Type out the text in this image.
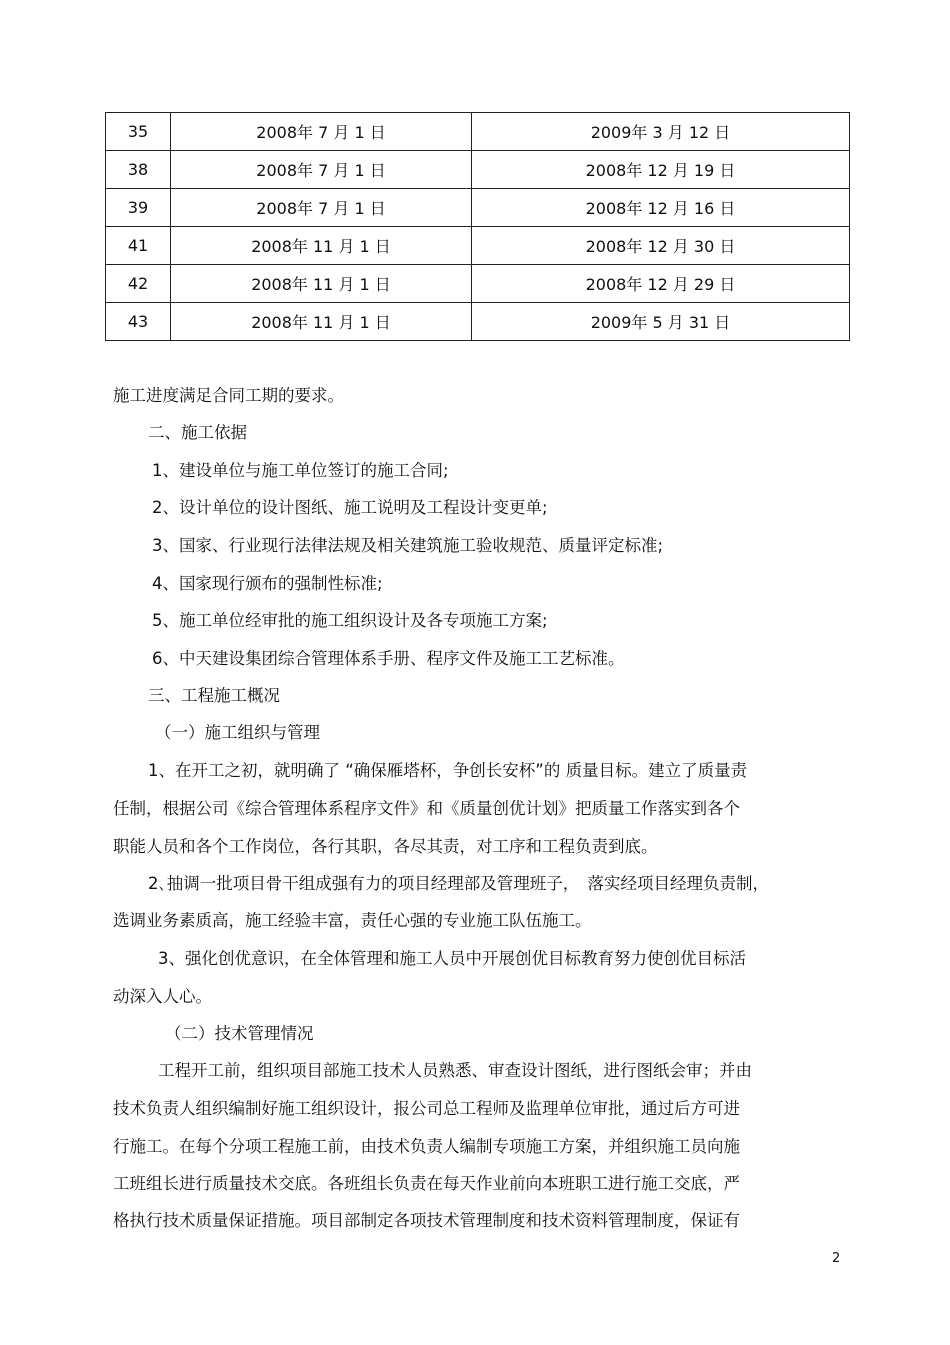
35	2008年 7 月 1 日	2009年 3 月 12 日
38	2008年 7 月 1 日	2008年 12 月 19 日
39	2008年 7 月 1 日	2008年 12 月 16 日
41	2008年 11 月 1 日	2008年 12 月 30 日
42	2008年 11 月 1 日	2008年 12 月 29 日
43	2008年 11 月 1 日	2009年 5 月 31 日
施工进度满足合同工期的要求。
二、施工依据
1、建设单位与施工单位签订的施工合同;
2、设计单位的设计图纸、施工说明及工程设计变更单;
3、国家、行业现行法律法规及相关建筑施工验收规范、质量评定标准;
4、国家现行颁布的强制性标准;
5、施工单位经审批的施工组织设计及各专项施工方案;
6、中天建设集团综合管理体系手册、程序文件及施工工艺标准。
三、工程施工概况
（一）施工组织与管理
1、在开工之初，就明确了 “确保雁塔杯，争创长安杯”的 质量目标。建立了质量责
任制，根据公司《综合管理体系程序文件》和《质量创优计划》把质量工作落实到各个
职能人员和各个工作岗位，各行其职，各尽其责，对工序和工程负责到底。
2､抽调一批项目骨干组成强有力的项目经理部及管理班子，　落实经项目经理负责制，
选调业务素质高，施工经验丰富，责任心强的专业施工队伍施工。
3、强化创优意识，在全体管理和施工人员中开展创优目标教育努力使创优目标活
动深入人心。
（二）技术管理情况
工程开工前，组织项目部施工技术人员熟悉、审查设计图纸，进行图纸会审；并由
技术负责人组织编制好施工组织设计，报公司总工程师及监理单位审批，通过后方可进
行施工。在每个分项工程施工前，由技术负责人编制专项施工方案，并组织施工员向施
工班组长进行质量技术交底。各班组长负责在每天作业前向本班职工进行施工交底，严
格执行技术质量保证措施。项目部制定各项技术管理制度和技术资料管理制度，保证有
2
